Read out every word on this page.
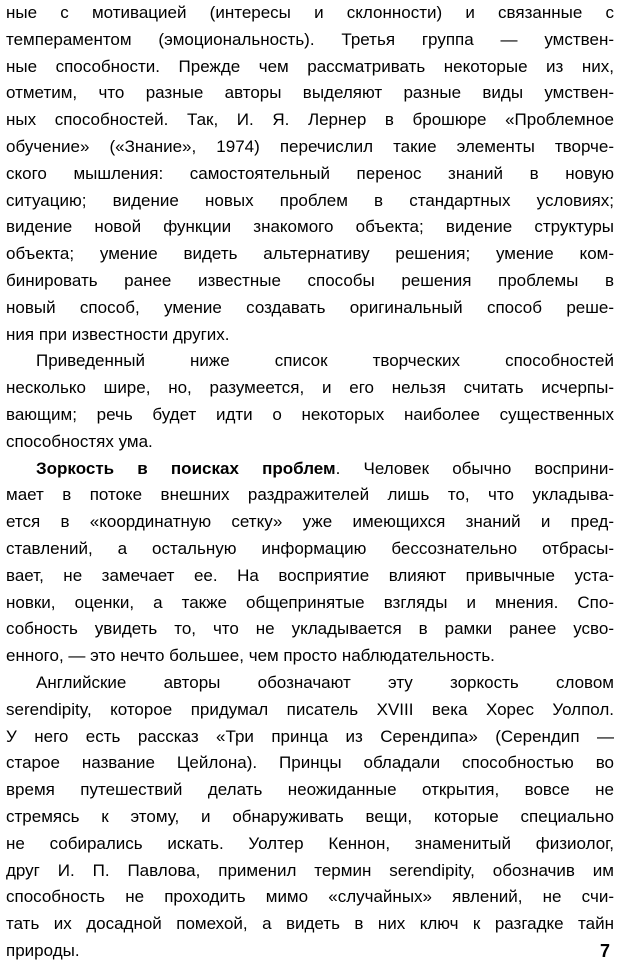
ные с мотивацией (интересы и склонности) и связанные с
темпераментом (эмоциональность). Третья группа — умствен-
ные способности. Прежде чем рассматривать некоторые из них,
отметим, что разные авторы выделяют разные виды умствен-
ных способностей. Так, И. Я. Лернер в брошюре «Проблемное
обучение» («Знание», 1974) перечислил такие элементы творче-
ского мышления: самостоятельный перенос знаний в новую
ситуацию; видение новых проблем в стандартных условиях;
видение новой функции знакомого объекта; видение структуры
объекта; умение видеть альтернативу решения; умение ком-
бинировать ранее известные способы решения проблемы в
новый способ, умение создавать оригинальный способ реше-
ния при известности других.
Приведенный ниже список творческих способностей
несколько шире, но, разумеется, и его нельзя считать исчерпы-
вающим; речь будет идти о некоторых наиболее существенных
способностях ума.
Зоркость в поисках проблем. Человек обычно восприни-
мает в потоке внешних раздражителей лишь то, что укладыва-
ется в «координатную сетку» уже имеющихся знаний и пред-
ставлений, а остальную информацию бессознательно отбрасы-
вает, не замечает ее. На восприятие влияют привычные уста-
новки, оценки, а также общепринятые взгляды и мнения. Спо-
собность увидеть то, что не укладывается в рамки ранее усво-
енного, — это нечто большее, чем просто наблюдательность.
Английские авторы обозначают эту зоркость словом
serendipity, которое придумал писатель XVIII века Хорес Уолпол.
У него есть рассказ «Три принца из Серендипа» (Серендип —
старое название Цейлона). Принцы обладали способностью во
время путешествий делать неожиданные открытия, вовсе не
стремясь к этому, и обнаруживать вещи, которые специально
не собирались искать. Уолтер Кеннон, знаменитый физиолог,
друг И. П. Павлова, применил термин serendipity, обозначив им
способность не проходить мимо «случайных» явлений, не счи-
тать их досадной помехой, а видеть в них ключ к разгадке тайн
природы.	7
